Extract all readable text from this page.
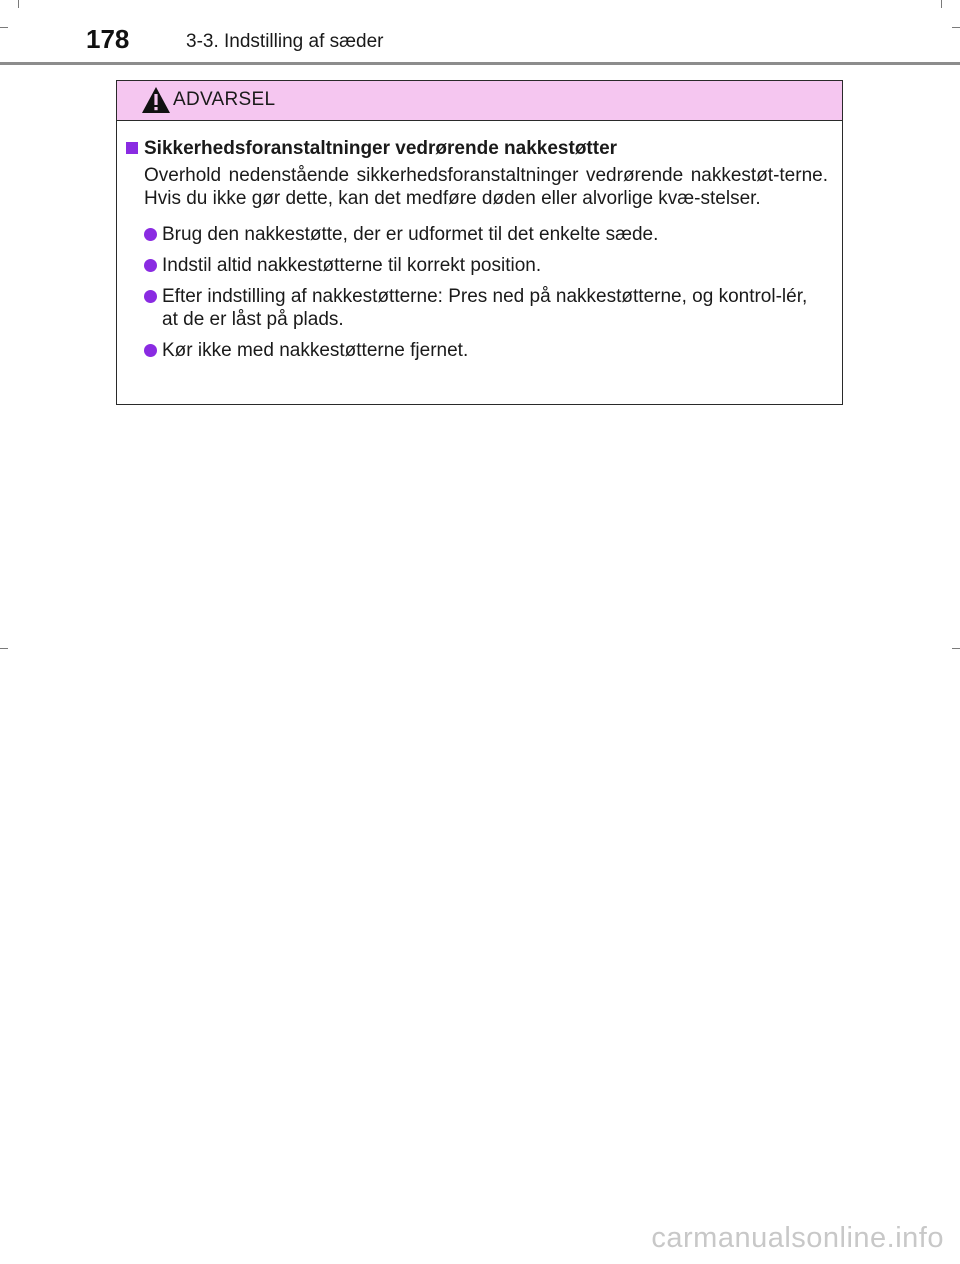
178	3-3. Indstilling af sæder
ADVARSEL
Sikkerhedsforanstaltninger vedrørende nakkestøtter
Overhold nedenstående sikkerhedsforanstaltninger vedrørende nakkestøt-terne. Hvis du ikke gør dette, kan det medføre døden eller alvorlige kvæ-stelser.
Brug den nakkestøtte, der er udformet til det enkelte sæde.
Indstil altid nakkestøtterne til korrekt position.
Efter indstilling af nakkestøtterne: Pres ned på nakkestøtterne, og kontrol-lér, at de er låst på plads.
Kør ikke med nakkestøtterne fjernet.
carmanualsonline.info
